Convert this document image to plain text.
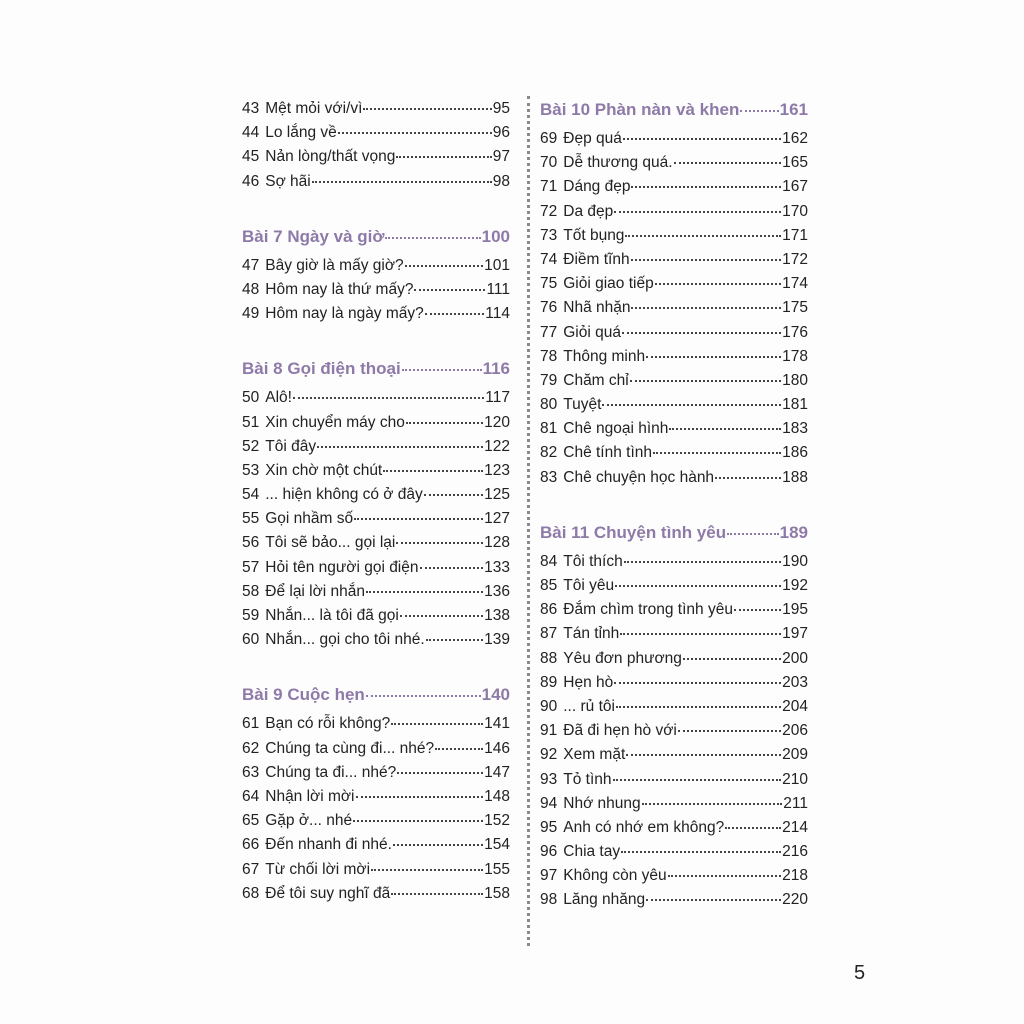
43 Mệt mỏi với/vì	95
44 Lo lắng về	96
45 Nản lòng/thất vọng	97
46 Sợ hãi	98
Bài 7 Ngày và giờ	100
47 Bây giờ là mấy giờ?	101
48 Hôm nay là thứ mấy?	111
49 Hôm nay là ngày mấy?	114
Bài 8 Gọi điện thoại	116
50 Alô!	117
51 Xin chuyển máy cho	120
52 Tôi đây	122
53 Xin chờ một chút	123
54 ... hiện không có ở đây	125
55 Gọi nhầm số	127
56 Tôi sẽ bảo... gọi lại	128
57 Hỏi tên người gọi điện	133
58 Để lại lời nhắn	136
59 Nhắn... là tôi đã gọi	138
60 Nhắn... gọi cho tôi nhé.	139
Bài 9 Cuộc hẹn	140
61 Bạn có rỗi không?	141
62 Chúng ta cùng đi... nhé?	146
63 Chúng ta đi... nhé?	147
64 Nhận lời mời	148
65 Gặp ở... nhé	152
66 Đến nhanh đi nhé.	154
67 Từ chối lời mời	155
68 Để tôi suy nghĩ đã	158
Bài 10 Phàn nàn và khen 161
69 Đẹp quá	162
70 Dễ thương quá.	165
71 Dáng đẹp	167
72 Da đẹp	170
73 Tốt bụng	171
74 Điềm tĩnh	172
75 Giỏi giao tiếp	174
76 Nhã nhặn	175
77 Giỏi quá	176
78 Thông minh	178
79 Chăm chỉ	180
80 Tuyệt	181
81 Chê ngoại hình	183
82 Chê tính tình	186
83 Chê chuyện học hành	188
Bài 11 Chuyện tình yêu	189
84 Tôi thích	190
85 Tôi yêu	192
86 Đắm chìm trong tình yêu	195
87 Tán tỉnh	197
88 Yêu đơn phương	200
89 Hẹn hò	203
90 ... rủ tôi	204
91 Đã đi hẹn hò với	206
92 Xem mặt	209
93 Tỏ tình	210
94 Nhớ nhung	211
95 Anh có nhớ em không?	214
96 Chia tay	216
97 Không còn yêu	218
98 Lăng nhăng	220
5
